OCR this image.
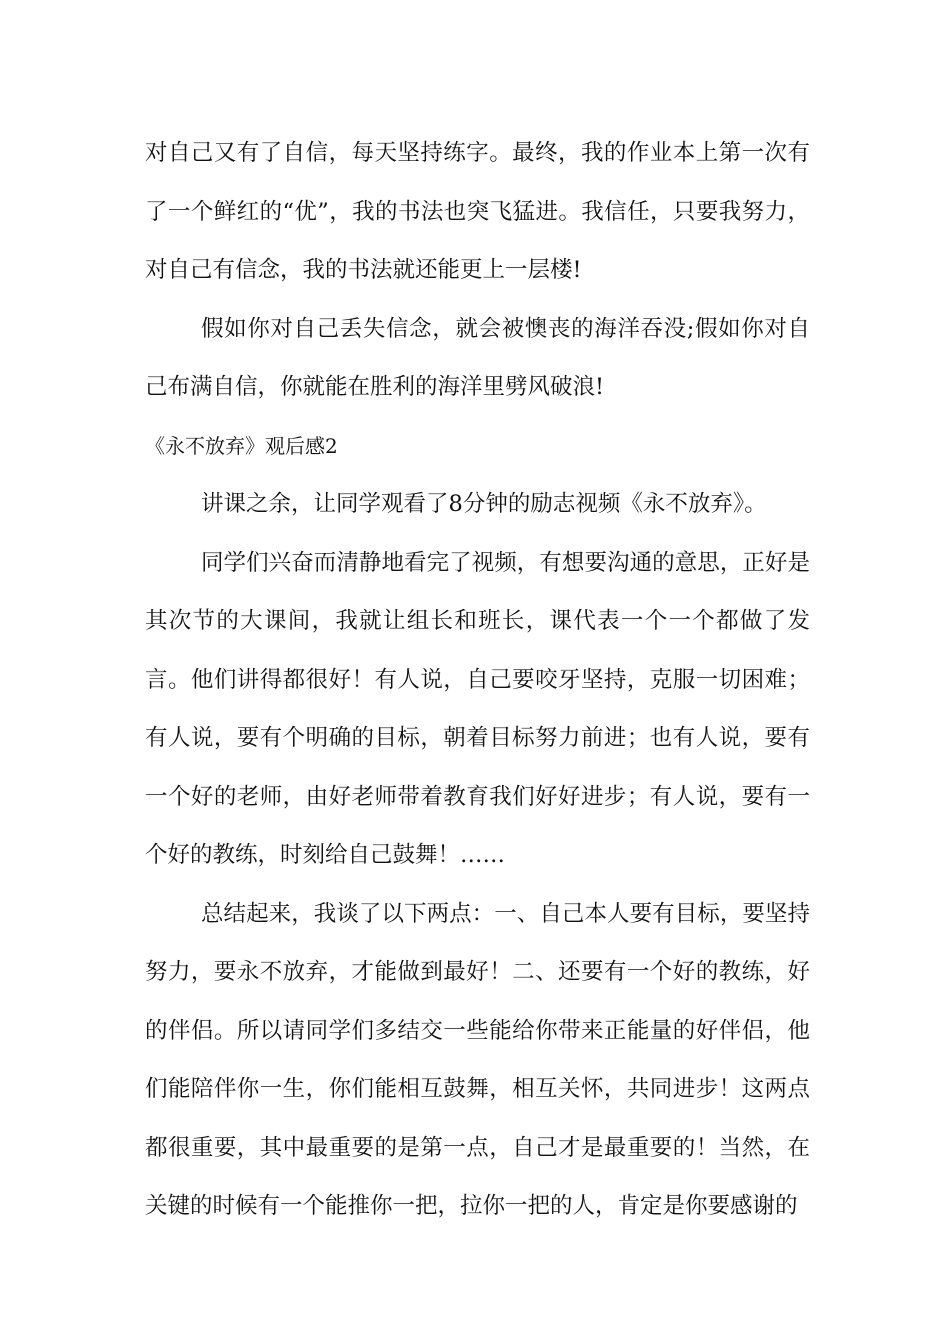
对自己又有了自信，每天坚持练字。最终，我的作业本上第一次有了一个鲜红的“优”，我的书法也突飞猛进。我信任，只要我努力，对自己有信念，我的书法就还能更上一层楼!

假如你对自己丢失信念，就会被懊丧的海洋吞没;假如你对自己布满自信，你就能在胜利的海洋里劈风破浪!

《永不放弃》观后感2

讲课之余，让同学观看了8分钟的励志视频《永不放弃》。

同学们兴奋而清静地看完了视频，有想要沟通的意思，正好是其次节的大课间，我就让组长和班长，课代表一个一个都做了发言。他们讲得都很好！有人说，自己要咬牙坚持，克服一切困难；有人说，要有个明确的目标，朝着目标努力前进；也有人说，要有一个好的老师，由好老师带着教育我们好好进步；有人说，要有一个好的教练，时刻给自己鼓舞！……

总结起来，我谈了以下两点：一、自己本人要有目标，要坚持努力，要永不放弃，才能做到最好！二、还要有一个好的教练，好的伴侣。所以请同学们多结交一些能给你带来正能量的好伴侣，他们能陪伴你一生，你们能相互鼓舞，相互关怀，共同进步！这两点都很重要，其中最重要的是第一点，自己才是最重要的！当然，在关键的时候有一个能推你一把，拉你一把的人，肯定是你要感谢的
